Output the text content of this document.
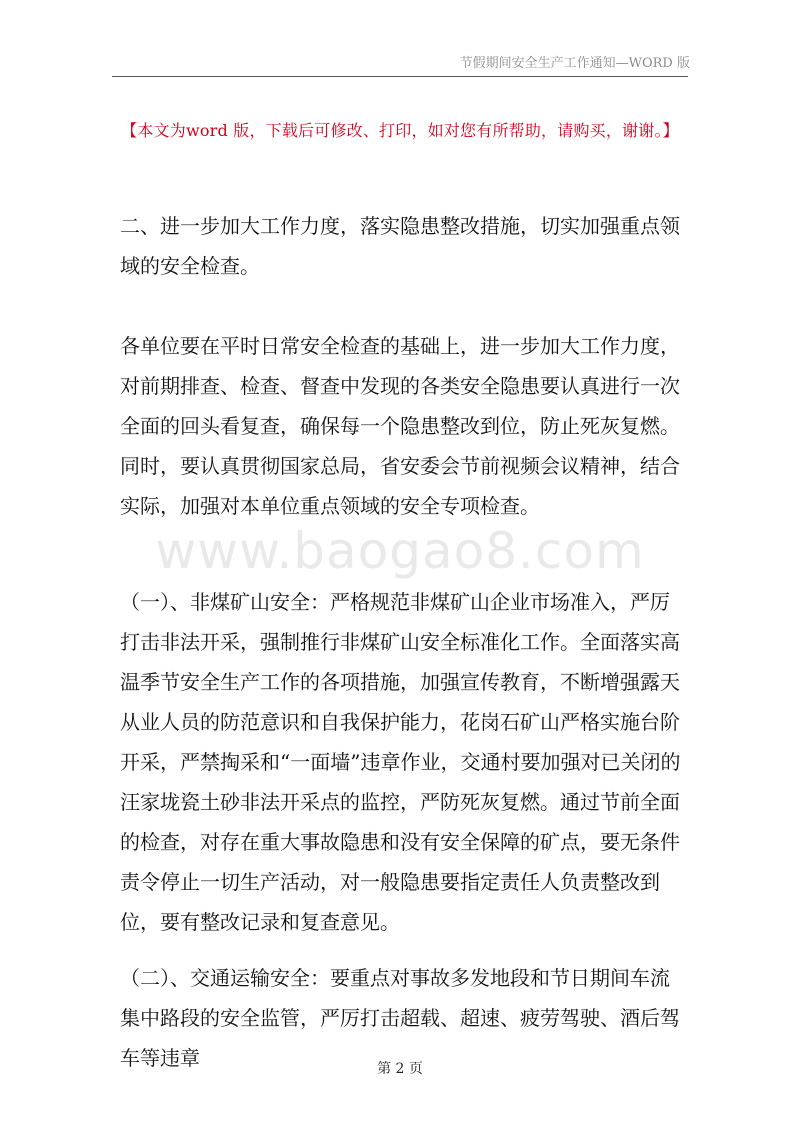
节假期间安全生产工作通知—WORD 版
【本文为word 版，下载后可修改、打印，如对您有所帮助，请购买，谢谢。】

二、进一步加大工作力度，落实隐患整改措施，切实加强重点领域的安全检查。

各单位要在平时日常安全检查的基础上，进一步加大工作力度，对前期排查、检查、督查中发现的各类安全隐患要认真进行一次全面的回头看复查，确保每一个隐患整改到位，防止死灰复燃。同时，要认真贯彻国家总局，省安委会节前视频会议精神，结合实际，加强对本单位重点领域的安全专项检查。

（一）、非煤矿山安全：严格规范非煤矿山企业市场准入，严厉打击非法开采，强制推行非煤矿山安全标准化工作。全面落实高温季节安全生产工作的各项措施，加强宣传教育，不断增强露天从业人员的防范意识和自我保护能力，花岗石矿山严格实施台阶开采，严禁掏采和“一面墙”违章作业，交通村要加强对已关闭的汪家垅瓷土砂非法开采点的监控，严防死灰复燃。通过节前全面的检查，对存在重大事故隐患和没有安全保障的矿点，要无条件责令停止一切生产活动，对一般隐患要指定责任人负责整改到位，要有整改记录和复查意见。

（二）、交通运输安全：要重点对事故多发地段和节日期间车流集中路段的安全监管，严厉打击超载、超速、疲劳驾驶、酒后驾车等违章

www.baogao8.com
第 2 页
